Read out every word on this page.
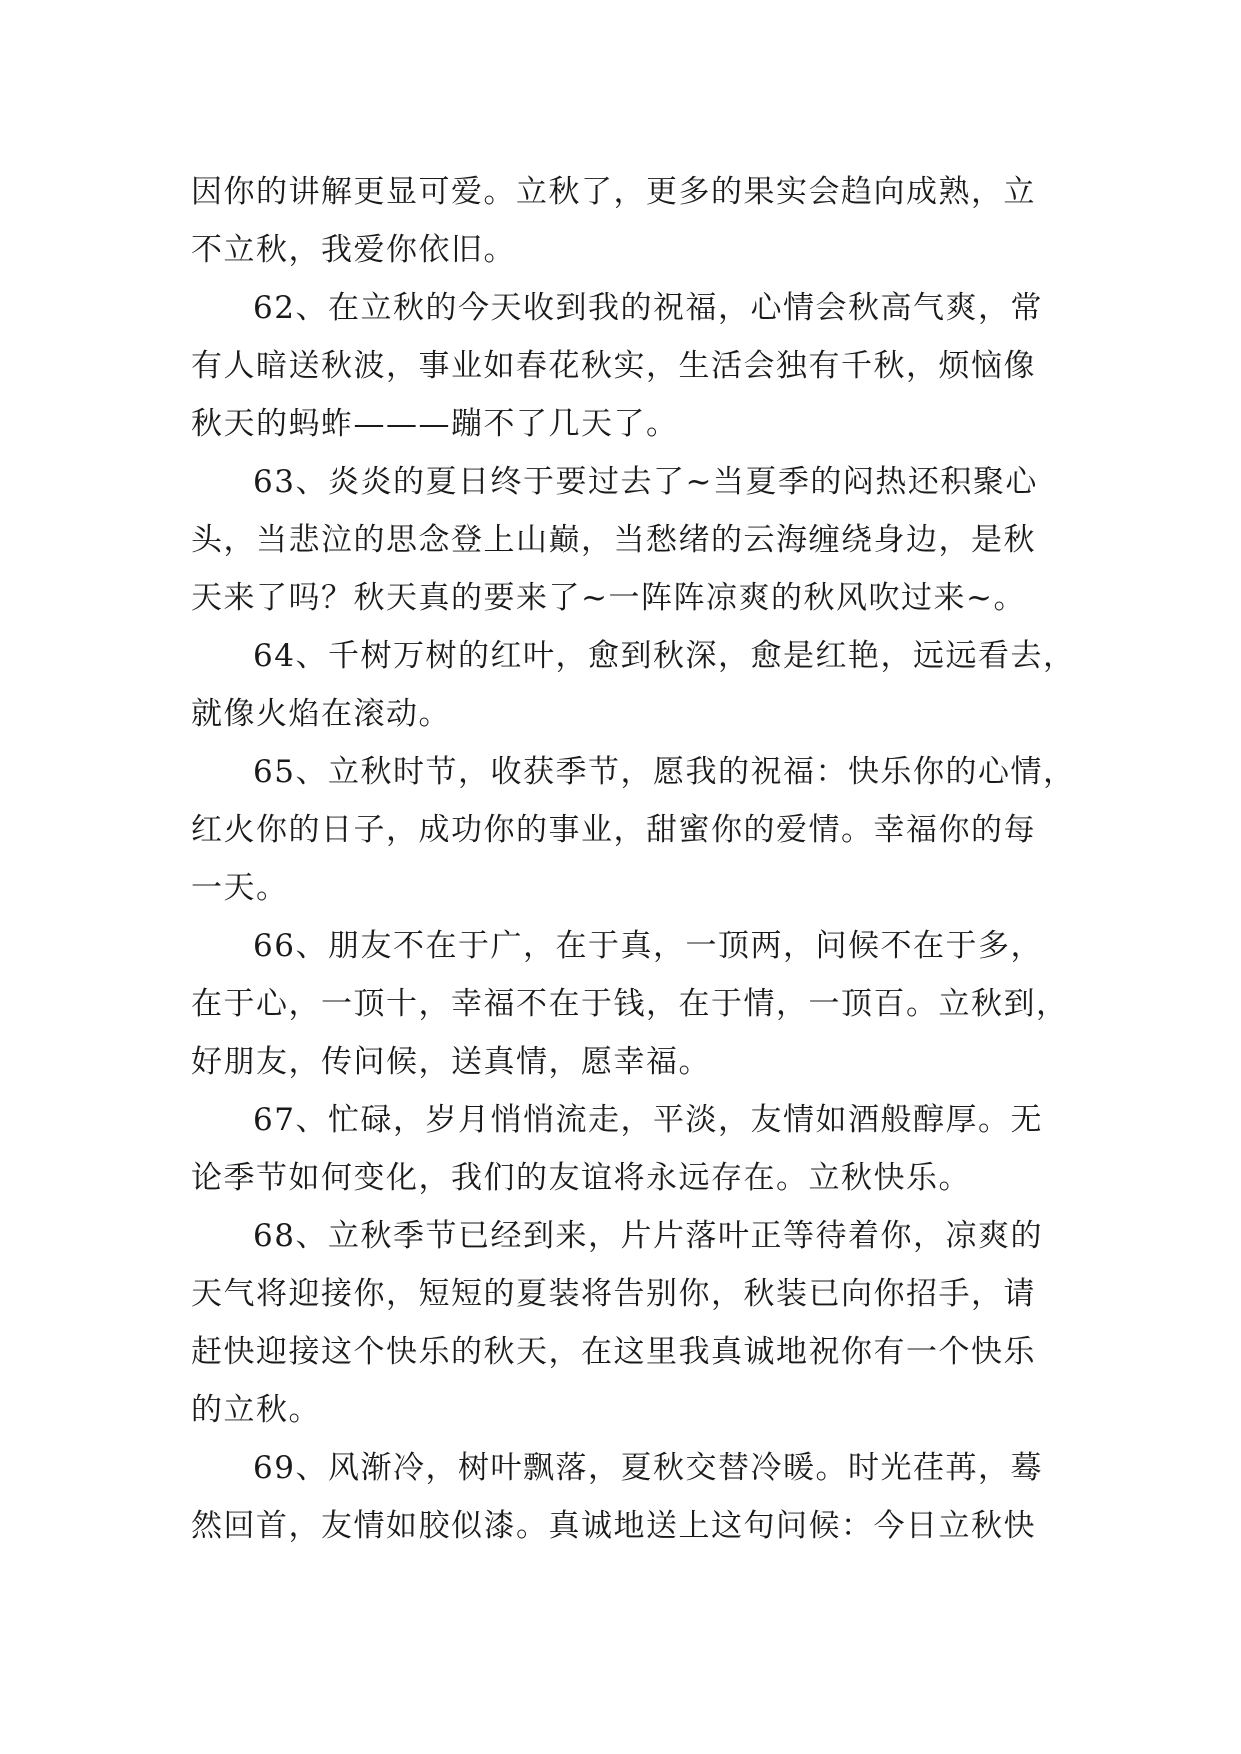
因你的讲解更显可爱。立秋了，更多的果实会趋向成熟，立
不立秋，我爱你依旧。
62、在立秋的今天收到我的祝福，心情会秋高气爽，常
有人暗送秋波，事业如春花秋实，生活会独有千秋，烦恼像
秋天的蚂蚱———蹦不了几天了。
63、炎炎的夏日终于要过去了~当夏季的闷热还积聚心
头，当悲泣的思念登上山巅，当愁绪的云海缠绕身边，是秋
天来了吗？秋天真的要来了~一阵阵凉爽的秋风吹过来~。
64、千树万树的红叶，愈到秋深，愈是红艳，远远看去，
就像火焰在滚动。
65、立秋时节，收获季节，愿我的祝福：快乐你的心情，
红火你的日子，成功你的事业，甜蜜你的爱情。幸福你的每
一天。
66、朋友不在于广，在于真，一顶两，问候不在于多，
在于心，一顶十，幸福不在于钱，在于情，一顶百。立秋到，
好朋友，传问候，送真情，愿幸福。
67、忙碌，岁月悄悄流走，平淡，友情如酒般醇厚。无
论季节如何变化，我们的友谊将永远存在。立秋快乐。
68、立秋季节已经到来，片片落叶正等待着你，凉爽的
天气将迎接你，短短的夏装将告别你，秋装已向你招手，请
赶快迎接这个快乐的秋天，在这里我真诚地祝你有一个快乐
的立秋。
69、风渐冷，树叶飘落，夏秋交替冷暖。时光荏苒，蓦
然回首，友情如胶似漆。真诚地送上这句问候：今日立秋快
